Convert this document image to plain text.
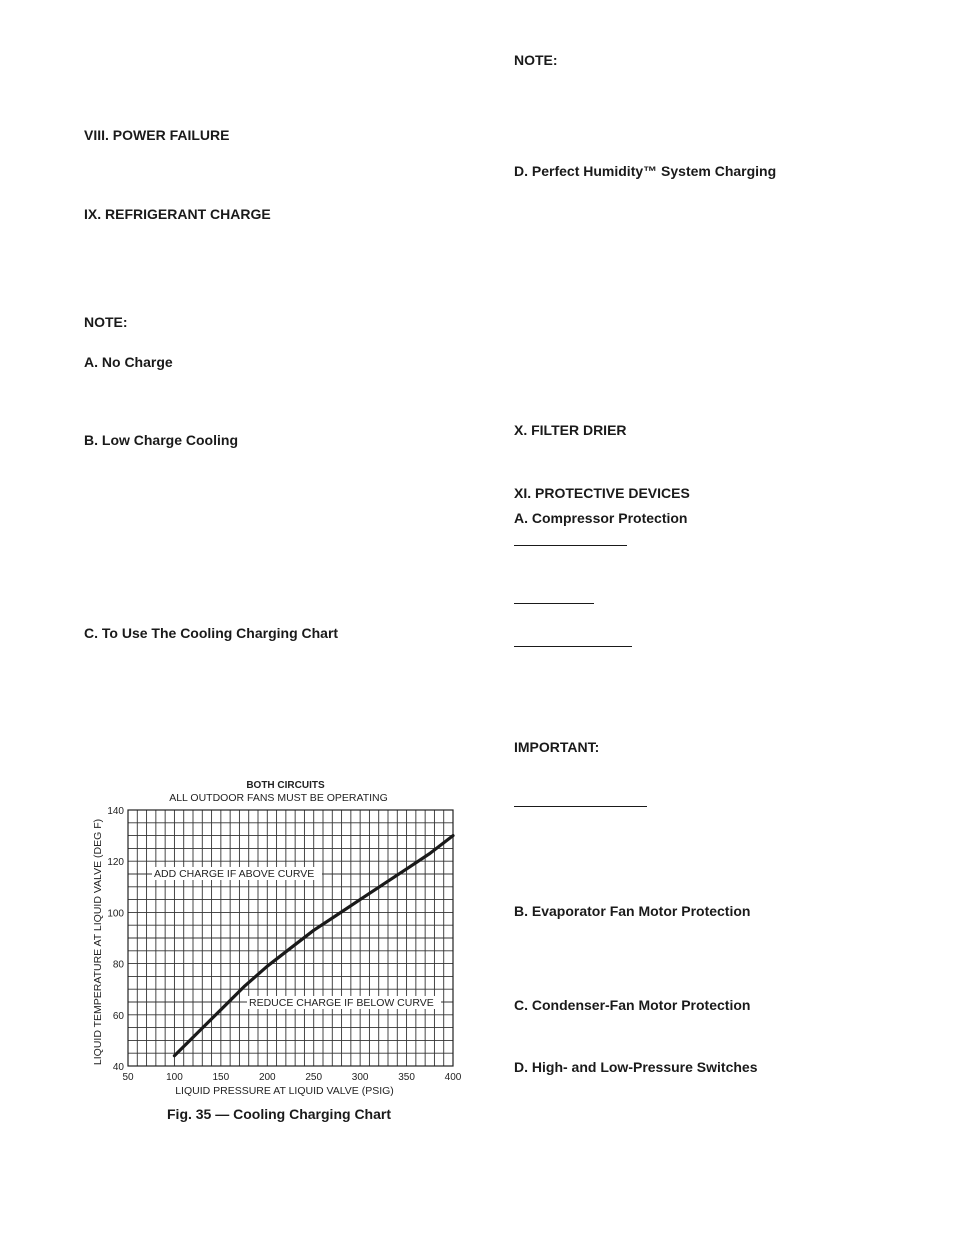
VIII. POWER FAILURE
IX. REFRIGERANT CHARGE
NOTE:
A. No Charge
B. Low Charge Cooling
C. To Use The Cooling Charging Chart
NOTE:
D. Perfect Humidity™ System Charging
X. FILTER DRIER
XI. PROTECTIVE DEVICES
A. Compressor Protection
IMPORTANT:
B. Evaporator Fan Motor Protection
C. Condenser-Fan Motor Protection
D. High- and Low-Pressure Switches
50	100	150	200	250	300	350	400
40
60
80
100
120
140
BOTH CIRCUITS
ALL OUTDOOR FANS MUST BE OPERATING
LIQUID PRESSURE AT LIQUID VALVE (PSIG)
LIQUID TEMPERATURE AT LIQUID VALVE (DEG F)	ADD CHARGE IF ABOVE CURVE
REDUCE CHARGE IF BELOW CURVE
Fig. 35 — Cooling Charging Chart
